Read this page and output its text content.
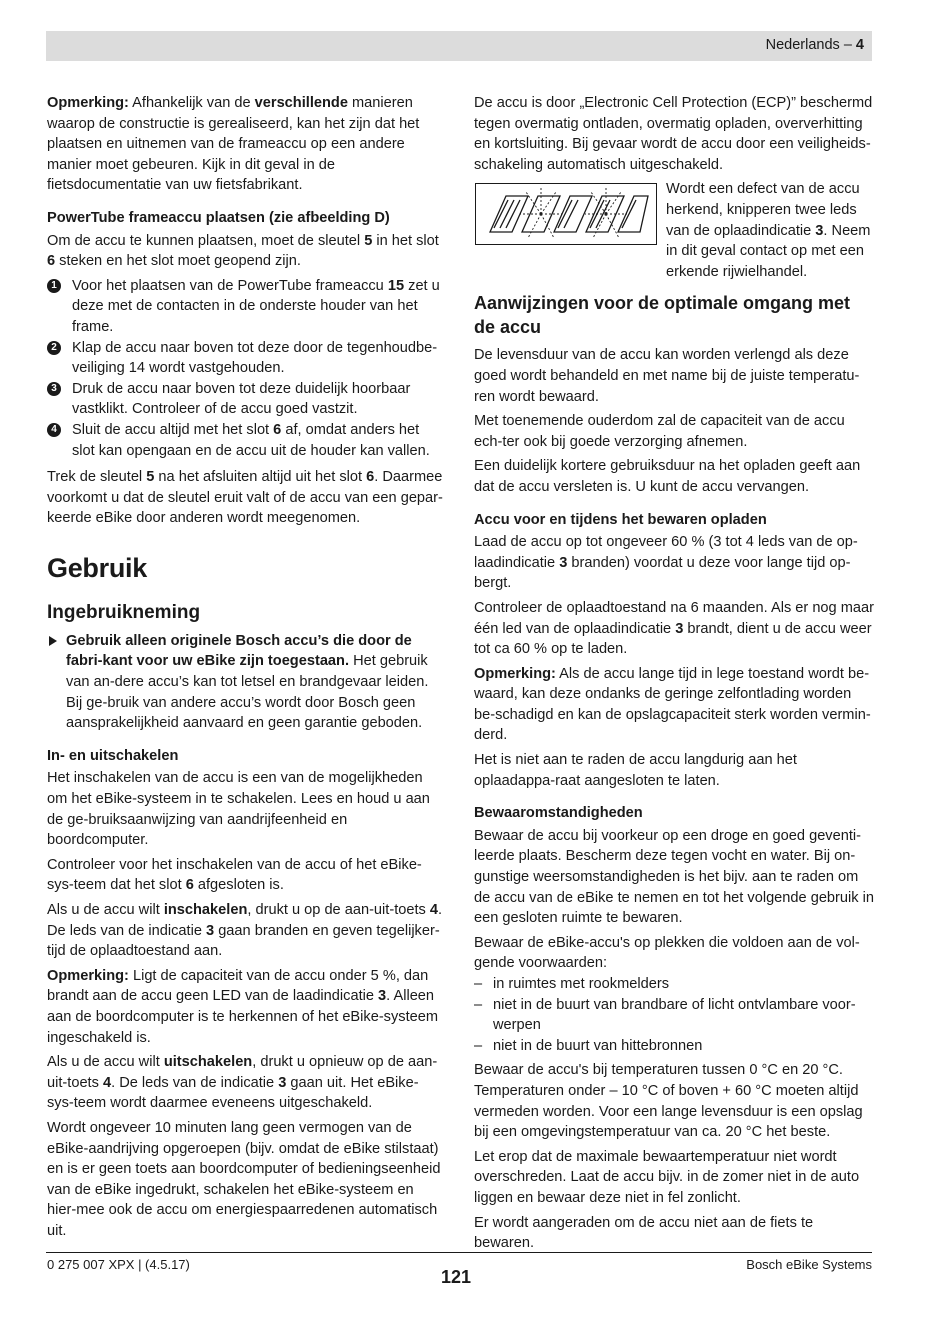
Nederlands – 4

Opmerking: Afhankelijk van de verschillende manieren waarop de constructie is gerealiseerd, kan het zijn dat het plaatsen en uitnemen van de frameaccu op een andere manier moet gebeuren. Kijk in dit geval in de fietsdocumentatie van uw fietsfabrikant.

PowerTube frameaccu plaatsen (zie afbeelding D)

Om de accu te kunnen plaatsen, moet de sleutel 5 in het slot 6 steken en het slot moet geopend zijn.

1 Voor het plaatsen van de PowerTube frameaccu 15 zet u deze met de contacten in de onderste houder van het frame.

2 Klap de accu naar boven tot deze door de tegenhoudbe-veiliging 14 wordt vastgehouden.

3 Druk de accu naar boven tot deze duidelijk hoorbaar vastklikt. Controleer of de accu goed vastzit.

4 Sluit de accu altijd met het slot 6 af, omdat anders het slot kan opengaan en de accu uit de houder kan vallen.

Trek de sleutel 5 na het afsluiten altijd uit het slot 6. Daarmee voorkomt u dat de sleutel eruit valt of de accu van een gepar-keerde eBike door anderen wordt meegenomen.

Gebruik
Ingebruikneming

Gebruik alleen originele Bosch accu’s die door de fabri-kant voor uw eBike zijn toegestaan. Het gebruik van an-dere accu’s kan tot letsel en brandgevaar leiden. Bij ge-bruik van andere accu’s wordt door Bosch geen aansprakelijkheid aanvaard en geen garantie geboden.

In- en uitschakelen

Het inschakelen van de accu is een van de mogelijkheden om het eBike-systeem in te schakelen. Lees en houd u aan de ge-bruiksaanwijzing van aandrijfeenheid en boordcomputer.

Controleer voor het inschakelen van de accu of het eBike-sys-teem dat het slot 6 afgesloten is.

Als u de accu wilt inschakelen, drukt u op de aan-uit-toets 4. De leds van de indicatie 3 gaan branden en geven tegelijker-tijd de oplaadtoestand aan.

Opmerking: Ligt de capaciteit van de accu onder 5 %, dan brandt aan de accu geen LED van de laadindicatie 3. Alleen aan de boordcomputer is te herkennen of het eBike-systeem ingeschakeld is.

Als u de accu wilt uitschakelen, drukt u opnieuw op de aan-uit-toets 4. De leds van de indicatie 3 gaan uit. Het eBike-sys-teem wordt daarmee eveneens uitgeschakeld.

Wordt ongeveer 10 minuten lang geen vermogen van de eBike-aandrijving opgeroepen (bijv. omdat de eBike stilstaat) en is er geen toets aan boordcomputer of bedieningseenheid van de eBike ingedrukt, schakelen het eBike-systeem en hier-mee ook de accu om energiespaarredenen automatisch uit.

De accu is door „Electronic Cell Protection (ECP)” beschermd tegen overmatig ontladen, overmatig opladen, oververhitting en kortsluiting. Bij gevaar wordt de accu door een veiligheids-schakeling automatisch uitgeschakeld.

Wordt een defect van de accu herkend, knipperen twee leds van de oplaadindicatie 3. Neem in dit geval contact op met een erkende rijwielhandel.
Aanwijzingen voor de optimale omgang met de accu

De levensduur van de accu kan worden verlengd als deze goed wordt behandeld en met name bij de juiste temperatu-ren wordt bewaard.

Met toenemende ouderdom zal de capaciteit van de accu ech-ter ook bij goede verzorging afnemen.

Een duidelijk kortere gebruiksduur na het opladen geeft aan dat de accu versleten is. U kunt de accu vervangen.

Accu voor en tijdens het bewaren opladen

Laad de accu op tot ongeveer 60 % (3 tot 4 leds van de op-laadindicatie 3 branden) voordat u deze voor lange tijd op-bergt.

Controleer de oplaadtoestand na 6 maanden. Als er nog maar één led van de oplaadindicatie 3 brandt, dient u de accu weer tot ca 60 % op te laden.

Opmerking: Als de accu lange tijd in lege toestand wordt be-waard, kan deze ondanks de geringe zelfontlading worden be-schadigd en kan de opslagcapaciteit sterk worden vermin-derd.

Het is niet aan te raden de accu langdurig aan het oplaadappa-raat aangesloten te laten.

Bewaaromstandigheden

Bewaar de accu bij voorkeur op een droge en goed geventi-leerde plaats. Bescherm deze tegen vocht en water. Bij on-gunstige weersomstandigheden is het bijv. aan te raden om de accu van de eBike te nemen en tot het volgende gebruik in een gesloten ruimte te bewaren.

Bewaar de eBike-accu's op plekken die voldoen aan de vol-gende voorwaarden:

– in ruimtes met rookmelders

– niet in de buurt van brandbare of licht ontvlambare voor-werpen

– niet in de buurt van hittebronnen

Bewaar de accu's bij temperaturen tussen 0 °C en 20 °C. Temperaturen onder – 10 °C of boven + 60 °C moeten altijd vermeden worden. Voor een lange levensduur is een opslag bij een omgevingstemperatuur van ca. 20 °C het beste.

Let erop dat de maximale bewaartemperatuur niet wordt overschreden. Laat de accu bijv. in de zomer niet in de auto liggen en bewaar deze niet in fel zonlicht.

Er wordt aangeraden om de accu niet aan de fiets te bewaren.

0 275 007 XPX | (4.5.17)
121
Bosch eBike Systems
